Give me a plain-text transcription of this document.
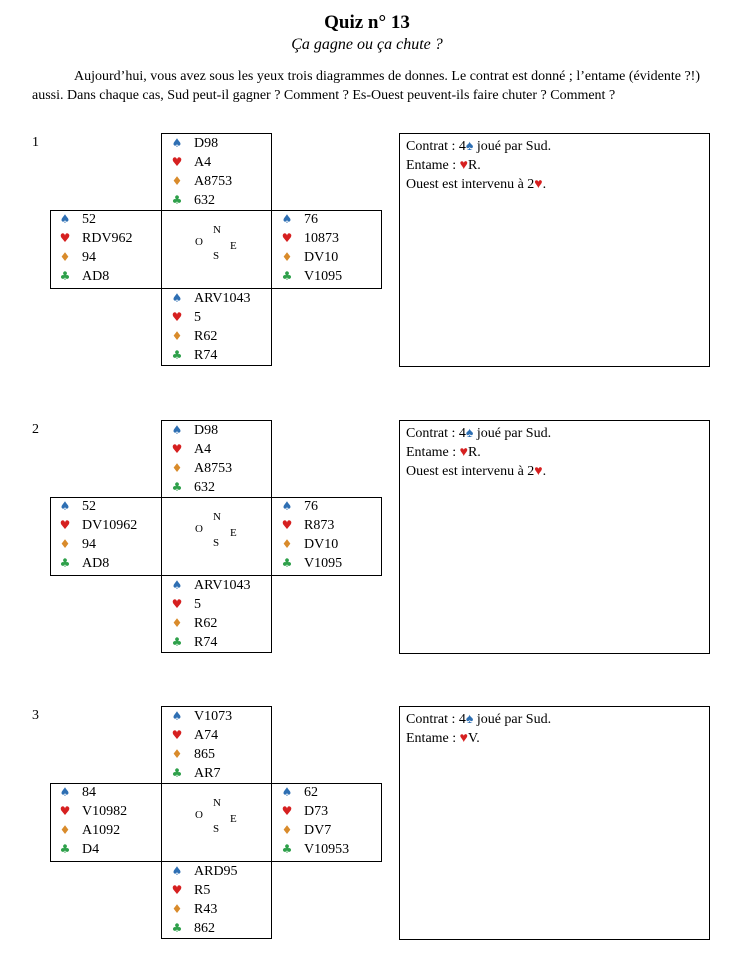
Quiz n° 13
Ça gagne ou ça chute ?
Aujourd’hui, vous avez sous les yeux trois diagrammes de donnes. Le contrat est donné ; l’entame (évidente ?!) aussi. Dans chaque cas, Sud peut-il gagner ? Comment ? Es-Ouest peuvent-ils faire chuter ? Comment ?
1
N
O E
S
♠ D98
♥ A4
♦ A8753
♣ 632
♠ 52
♥ RDV962
♦ 94
♣ AD8
♠ 76
♥ 10873
♦ DV10
♣ V1095
♠ ARV1043
♥ 5
♦ R62
♣ R74
Contrat : 4♠ joué par Sud.
Entame : ♥R.
Ouest est intervenu à 2♥.
2
N
O E
S
♠ D98
♥ A4
♦ A8753
♣ 632
♠ 52
♥ DV10962
♦ 94
♣ AD8
♠ 76
♥ R873
♦ DV10
♣ V1095
♠ ARV1043
♥ 5
♦ R62
♣ R74
Contrat : 4♠ joué par Sud.
Entame : ♥R.
Ouest est intervenu à 2♥.
3
N
O E
S
♠ V1073
♥ A74
♦ 865
♣ AR7
♠ 84
♥ V10982
♦ A1092
♣ D4
♠ 62
♥ D73
♦ DV7
♣ V10953
♠ ARD95
♥ R5
♦ R43
♣ 862
Contrat : 4♠ joué par Sud.
Entame : ♥V.
